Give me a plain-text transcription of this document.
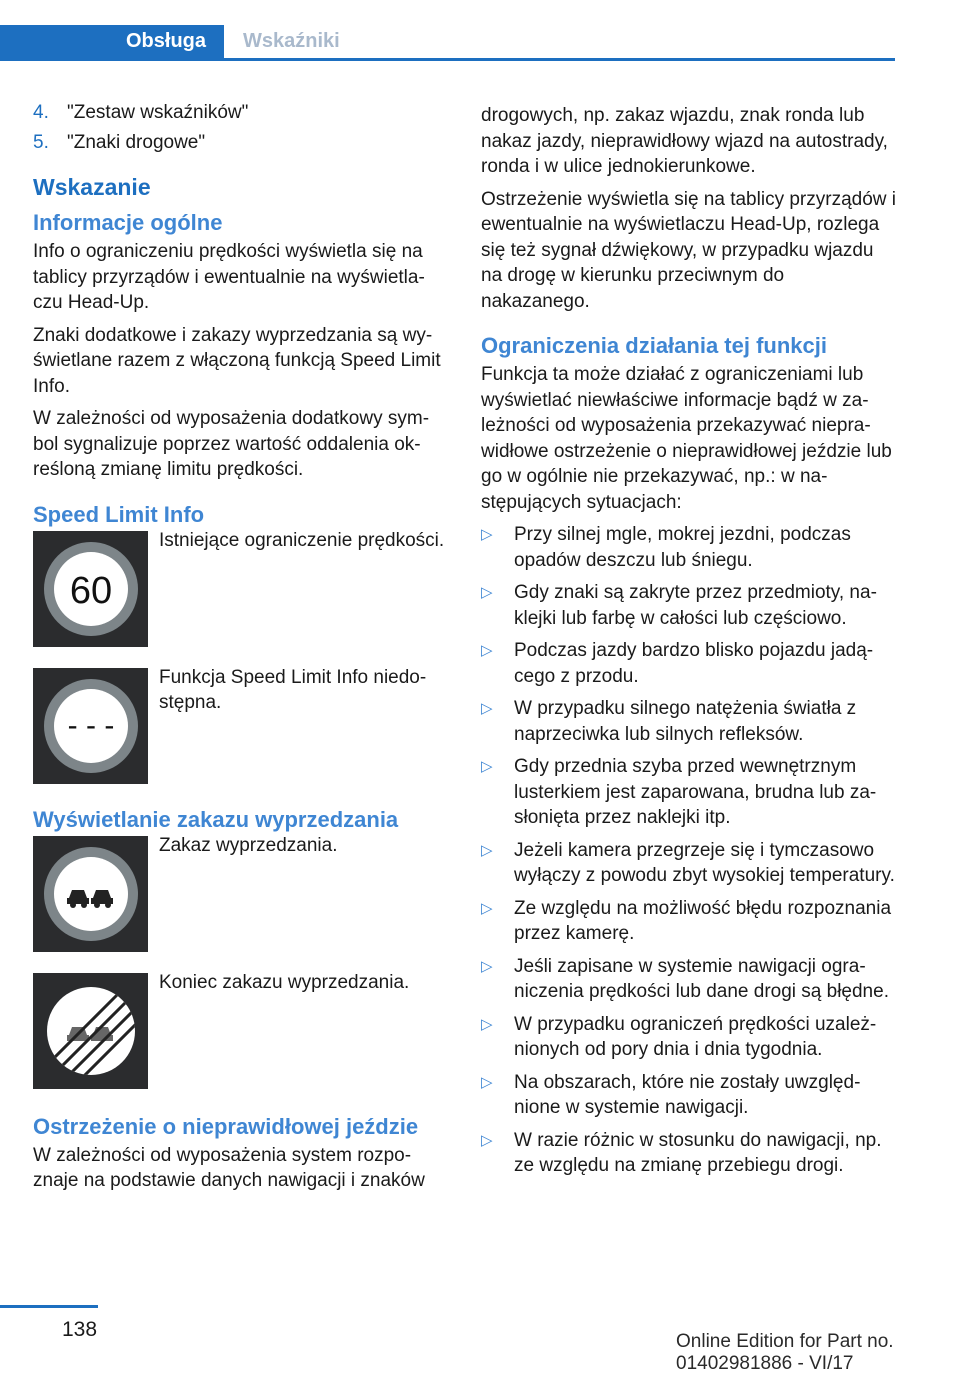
Obsługa	Wskaźniki
4. "Zestaw wskaźników"
5. "Znaki drogowe"
Wskazanie
Informacje ogólne

Info o ograniczeniu prędkości wyświetla się na tablicy przyrządów i ewentualnie na wyświetlaczu Head-Up.

Znaki dodatkowe i zakazy wyprzedzania są wyświetlane razem z włączoną funkcją Speed Limit Info.

W zależności od wyposażenia dodatkowy symbol sygnalizuje poprzez wartość oddalenia określoną zmianę limitu prędkości.

Speed Limit Info
60
Istniejące ograniczenie prędkości.
- - -
Funkcja Speed Limit Info niedostępna.
Wyświetlanie zakazu wyprzedzania
Zakaz wyprzedzania.
Koniec zakazu wyprzedzania.
Ostrzeżenie o nieprawidłowej jeździe

W zależności od wyposażenia system rozpoznaje na podstawie danych nawigacji i znaków

drogowych, np. zakaz wjazdu, znak ronda lub nakaz jazdy, nieprawidłowy wjazd na autostrady, ronda i w ulice jednokierunkowe.

Ostrzeżenie wyświetla się na tablicy przyrządów i ewentualnie na wyświetlaczu Head-Up, rozlega się też sygnał dźwiękowy, w przypadku wjazdu na drogę w kierunku przeciwnym do nakazanego.

Ograniczenia działania tej funkcji

Funkcja ta może działać z ograniczeniami lub wyświetlać niewłaściwe informacje bądź w zależności od wyposażenia przekazywać nieprawidłowe ostrzeżenie o nieprawidłowej jeździe lub go w ogólnie nie przekazywać, np.: w następujących sytuacjach:

▷	Przy silnej mgle, mokrej jezdni, podczas opadów deszczu lub śniegu.
▷	Gdy znaki są zakryte przez przedmioty, naklejki lub farbę w całości lub częściowo.
▷	Podczas jazdy bardzo blisko pojazdu jadącego z przodu.
▷	W przypadku silnego natężenia światła z naprzeciwka lub silnych refleksów.
▷	Gdy przednia szyba przed wewnętrznym lusterkiem jest zaparowana, brudna lub zasłonięta przez naklejki itp.
▷	Jeżeli kamera przegrzeje się i tymczasowo wyłączy z powodu zbyt wysokiej temperatury.
▷	Ze względu na możliwość błędu rozpoznania przez kamerę.
▷	Jeśli zapisane w systemie nawigacji ograniczenia prędkości lub dane drogi są błędne.
▷	W przypadku ograniczeń prędkości uzależnionych od pory dnia i dnia tygodnia.
▷	Na obszarach, które nie zostały uwzględnione w systemie nawigacji.
▷	W razie różnic w stosunku do nawigacji, np. ze względu na zmianę przebiegu drogi.
138
Online Edition for Part no. 01402981886 - VI/17
